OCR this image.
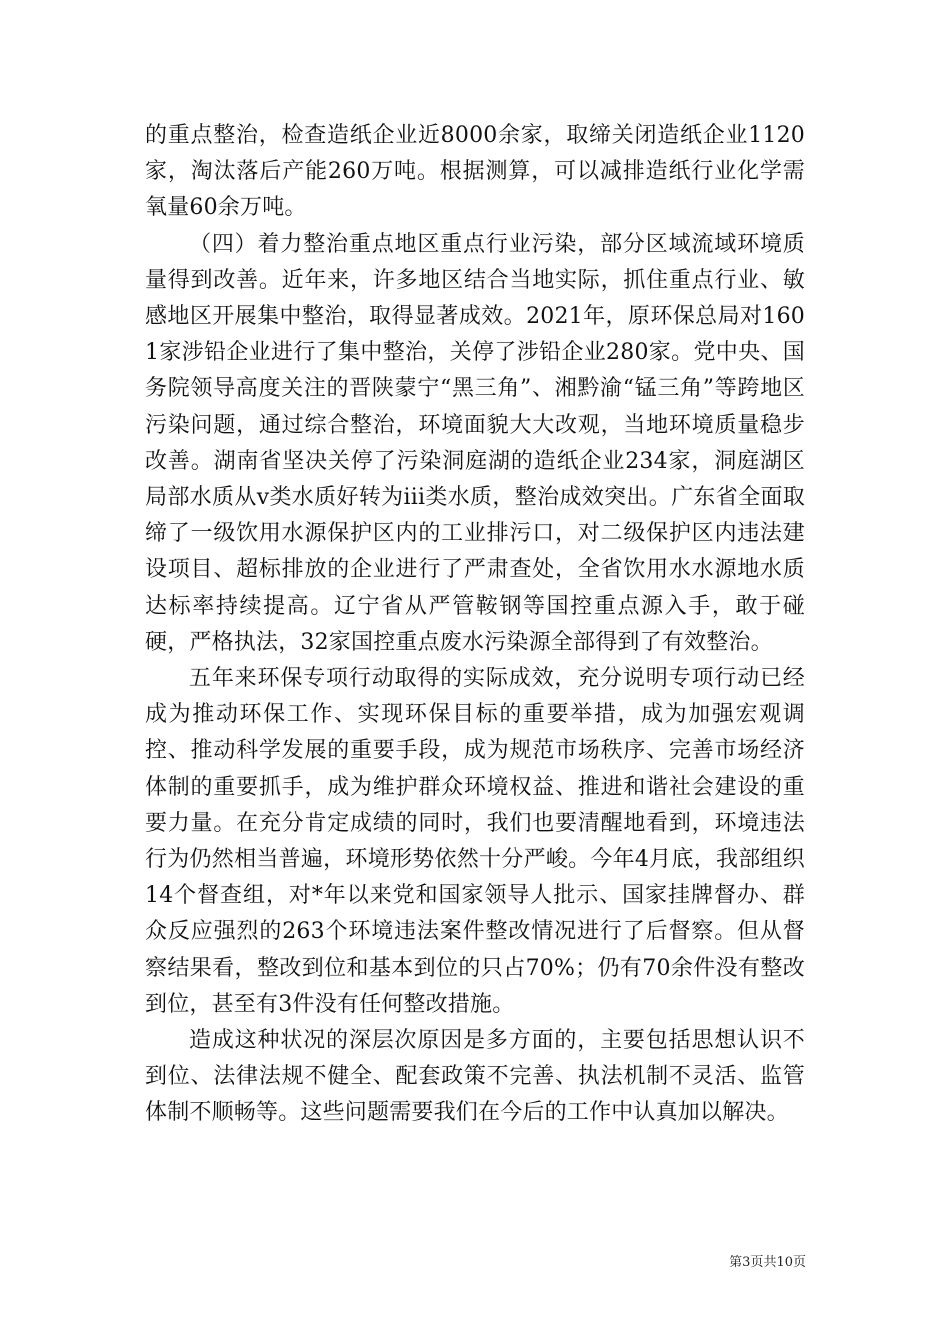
的重点整治，检查造纸企业近8000余家，取缔关闭造纸企业1120家，淘汰落后产能260万吨。根据测算，可以减排造纸行业化学需氧量60余万吨。

（四）着力整治重点地区重点行业污染，部分区域流域环境质量得到改善。近年来，许多地区结合当地实际，抓住重点行业、敏感地区开展集中整治，取得显著成效。2021年，原环保总局对1601家涉铅企业进行了集中整治，关停了涉铅企业280家。党中央、国务院领导高度关注的晋陕蒙宁“黑三角”、湘黔渝“锰三角”等跨地区污染问题，通过综合整治，环境面貌大大改观，当地环境质量稳步改善。湖南省坚决关停了污染洞庭湖的造纸企业234家，洞庭湖区局部水质从v类水质好转为iii类水质，整治成效突出。广东省全面取缔了一级饮用水源保护区内的工业排污口，对二级保护区内违法建设项目、超标排放的企业进行了严肃查处，全省饮用水水源地水质达标率持续提高。辽宁省从严管鞍钢等国控重点源入手，敢于碰硬，严格执法，32家国控重点废水污染源全部得到了有效整治。

五年来环保专项行动取得的实际成效，充分说明专项行动已经成为推动环保工作、实现环保目标的重要举措，成为加强宏观调控、推动科学发展的重要手段，成为规范市场秩序、完善市场经济体制的重要抓手，成为维护群众环境权益、推进和谐社会建设的重要力量。在充分肯定成绩的同时，我们也要清醒地看到，环境违法行为仍然相当普遍，环境形势依然十分严峻。今年4月底，我部组织14个督查组，对*年以来党和国家领导人批示、国家挂牌督办、群众反应强烈的263个环境违法案件整改情况进行了后督察。但从督察结果看，整改到位和基本到位的只占70%；仍有70余件没有整改到位，甚至有3件没有任何整改措施。

造成这种状况的深层次原因是多方面的，主要包括思想认识不到位、法律法规不健全、配套政策不完善、执法机制不灵活、监管体制不顺畅等。这些问题需要我们在今后的工作中认真加以解决。

第3页共10页
